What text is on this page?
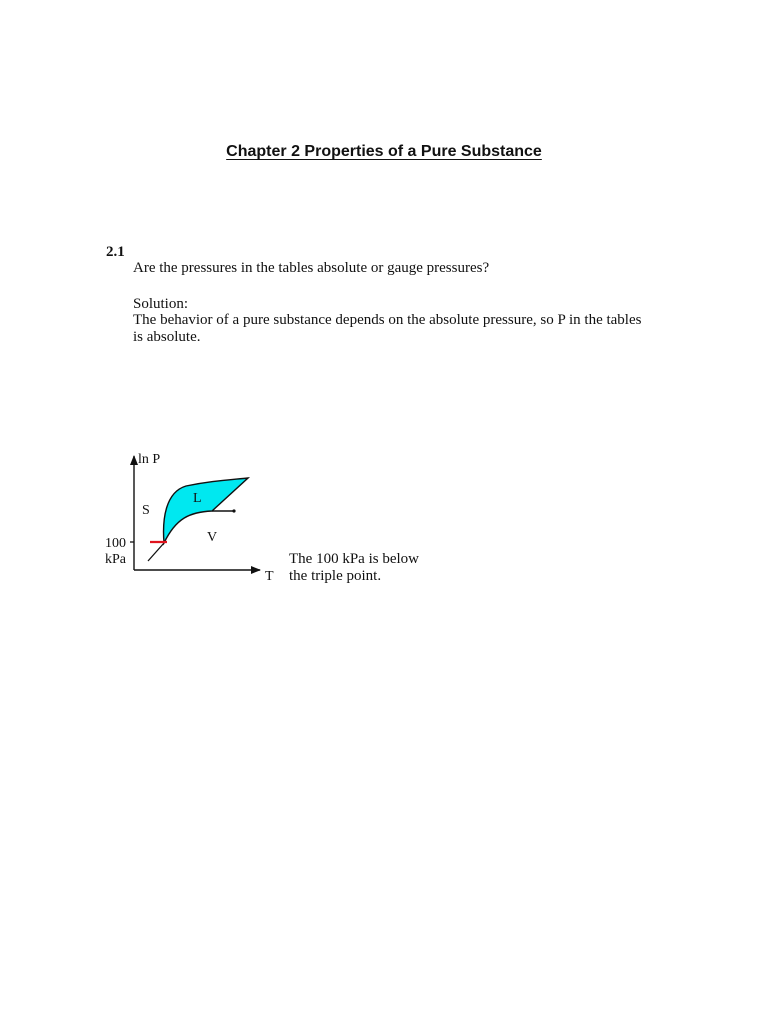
Chapter 2 Properties of a Pure Substance
2.1
Are the pressures in the tables absolute or gauge pressures?
Solution:
The behavior of a pure substance depends on the absolute pressure, so P in the tables
is absolute.
ln P
S
L
V
100
kPa
T
The 100 kPa is below
the triple point.
